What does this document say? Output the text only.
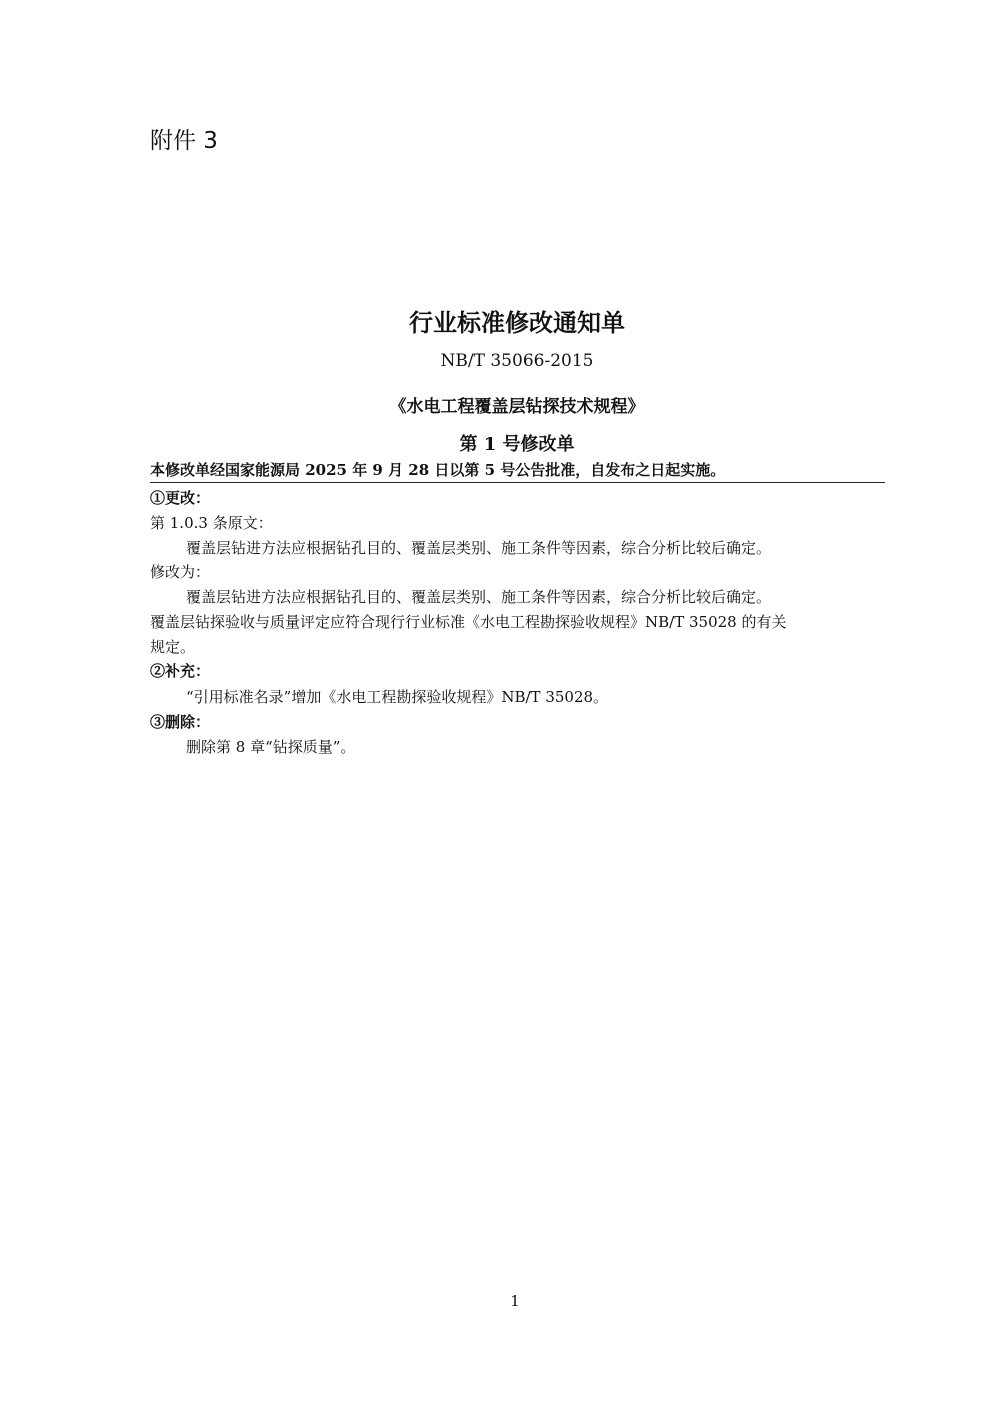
附件 3
行业标准修改通知单
NB/T 35066-2015
《水电工程覆盖层钻探技术规程》
第 1 号修改单
本修改单经国家能源局 2025 年 9 月 28 日以第 5 号公告批准，自发布之日起实施。
①更改：
第 1.0.3 条原文：
覆盖层钻进方法应根据钻孔目的、覆盖层类别、施工条件等因素，综合分析比较后确定。
修改为：
覆盖层钻进方法应根据钻孔目的、覆盖层类别、施工条件等因素，综合分析比较后确定。
覆盖层钻探验收与质量评定应符合现行行业标准《水电工程勘探验收规程》NB/T 35028 的有关
规定。
②补充：
“引用标准名录”增加《水电工程勘探验收规程》NB/T 35028。
③删除：
删除第 8 章“钻探质量”。
1
